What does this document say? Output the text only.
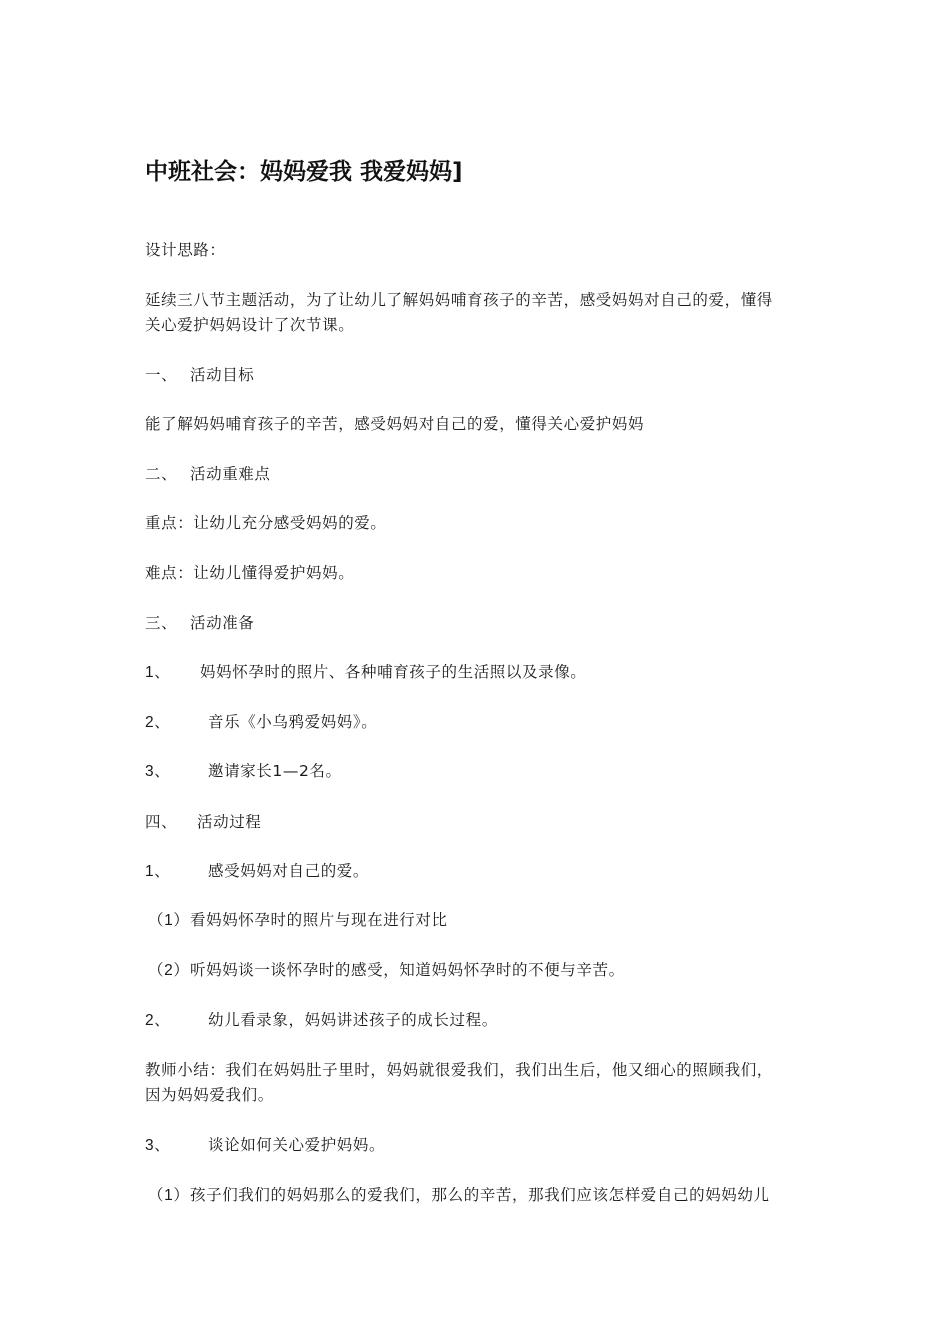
中班社会：妈妈爱我 我爱妈妈]
设计思路：
延续三八节主题活动，为了让幼儿了解妈妈哺育孩子的辛苦，感受妈妈对自己的爱，懂得
关心爱护妈妈设计了次节课。
一、 活动目标
能了解妈妈哺育孩子的辛苦，感受妈妈对自己的爱，懂得关心爱护妈妈
二、 活动重难点
重点：让幼儿充分感受妈妈的爱。
难点：让幼儿懂得爱护妈妈。
三、 活动准备
1、 妈妈怀孕时的照片、各种哺育孩子的生活照以及录像。
2、 音乐《小乌鸦爱妈妈》。
3、 邀请家长1—2名。
四、 活动过程
1、 感受妈妈对自己的爱。
（1）看妈妈怀孕时的照片与现在进行对比
（2）听妈妈谈一谈怀孕时的感受，知道妈妈怀孕时的不便与辛苦。
2、 幼儿看录象，妈妈讲述孩子的成长过程。
教师小结：我们在妈妈肚子里时，妈妈就很爱我们，我们出生后，他又细心的照顾我们，
因为妈妈爱我们。
3、 谈论如何关心爱护妈妈。
（1）孩子们我们的妈妈那么的爱我们，那么的辛苦，那我们应该怎样爱自己的妈妈幼儿
